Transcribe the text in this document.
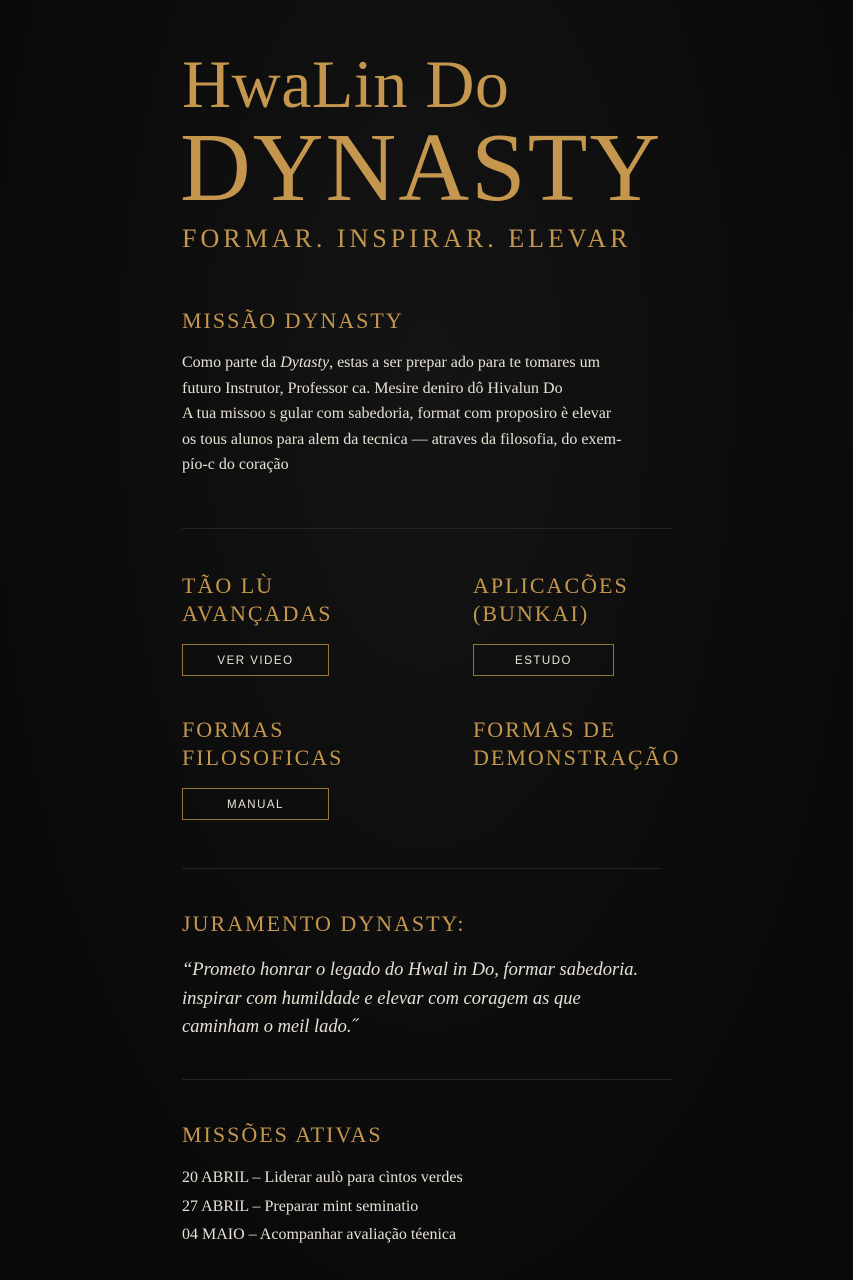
HwaLin Do
DYNASTY
FORMAR. INSPIRAR. ELEVAR
MISSÃO DYNASTY

Como parte da Dytasty, estas a ser prepar ado para te tomares um

futuro Instrutor, Professor ca. Mesire deniro dô Hivalun Do

A tua missoo s gular com sabedoria, format com proposiro è elevar

os tous alunos para alem da tecnica — atraves da filosofia, do exem-

pío-c do coração

TÃO LÙ
AVANÇADAS
VER VIDEO
APLICACÕES
(BUNKAI)
ESTUDO
FORMAS
FILOSOFICAS
MANUAL
FORMAS DE
DEMONSTRAÇÃO
JURAMENTO DYNASTY:
“Prometo honrar o legado do Hwal in Do, formar sabedoria.
inspirar com humildade e elevar com coragem as que
caminham o meil lado.˝
MISSÕES ATIVAS
20 ABRIL – Liderar aulò para cìntos verdes
27 ABRIL – Preparar mint seminatio
04 MAIO – Acompanhar avaliação téenica
